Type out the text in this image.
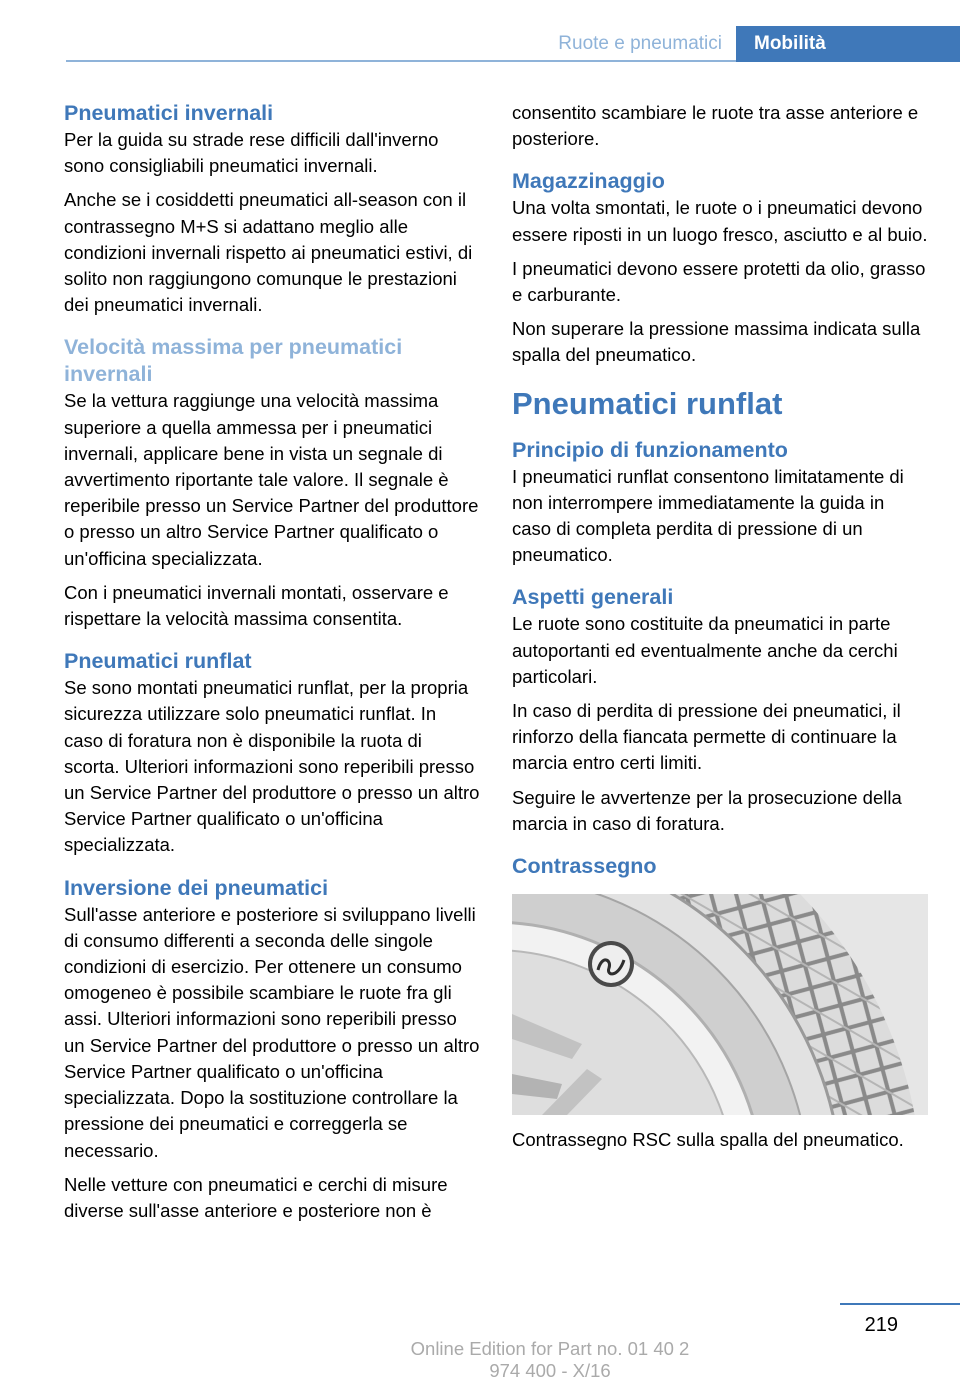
Ruote e pneumatici	Mobilità
Pneumatici invernali

Per la guida su strade rese difficili dall'inverno sono consigliabili pneumatici invernali.

Anche se i cosiddetti pneumatici all-season con il contrassegno M+S si adattano meglio alle condizioni invernali rispetto ai pneumatici estivi, di solito non raggiungono comunque le prestazioni dei pneumatici invernali.

Velocità massima per pneumatici invernali

Se la vettura raggiunge una velocità massima superiore a quella ammessa per i pneumatici invernali, applicare bene in vista un segnale di avvertimento riportante tale valore. Il segnale è reperibile presso un Service Partner del produttore o presso un altro Service Partner qualificato o un'officina specializzata.

Con i pneumatici invernali montati, osservare e rispettare la velocità massima consentita.

Pneumatici runflat

Se sono montati pneumatici runflat, per la propria sicurezza utilizzare solo pneumatici runflat. In caso di foratura non è disponibile la ruota di scorta. Ulteriori informazioni sono reperibili presso un Service Partner del produttore o presso un altro Service Partner qualificato o un'officina specializzata.

Inversione dei pneumatici

Sull'asse anteriore e posteriore si sviluppano livelli di consumo differenti a seconda delle singole condizioni di esercizio. Per ottenere un consumo omogeneo è possibile scambiare le ruote fra gli assi. Ulteriori informazioni sono reperibili presso un Service Partner del produttore o presso un altro Service Partner qualificato o un'officina specializzata. Dopo la sostituzione controllare la pressione dei pneumatici e correggerla se necessario.

Nelle vetture con pneumatici e cerchi di misure diverse sull'asse anteriore e posteriore non è

consentito scambiare le ruote tra asse anteriore e posteriore.

Magazzinaggio

Una volta smontati, le ruote o i pneumatici devono essere riposti in un luogo fresco, asciutto e al buio.

I pneumatici devono essere protetti da olio, grasso e carburante.

Non superare la pressione massima indicata sulla spalla del pneumatico.

Pneumatici runflat
Principio di funzionamento

I pneumatici runflat consentono limitatamente di non interrompere immediatamente la guida in caso di completa perdita di pressione di un pneumatico.

Aspetti generali

Le ruote sono costituite da pneumatici in parte autoportanti ed eventualmente anche da cerchi particolari.

In caso di perdita di pressione dei pneumatici, il rinforzo della fiancata permette di continuare la marcia entro certi limiti.

Seguire le avvertenze per la prosecuzione della marcia in caso di foratura.

Contrassegno

Contrassegno RSC sulla spalla del pneumatico.

219
Online Edition for Part no. 01 40 2 974 400 - X/16
